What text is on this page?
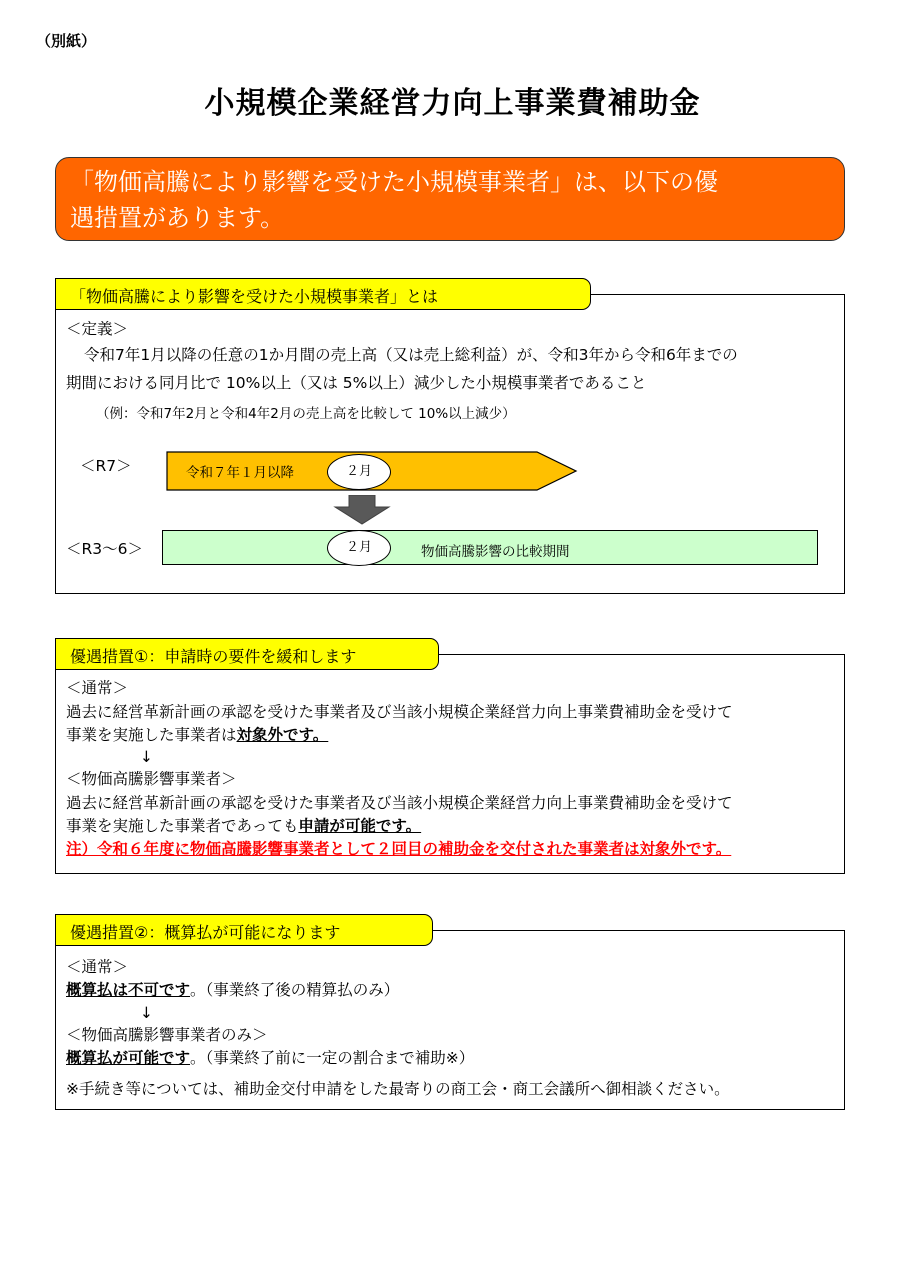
（別紙）
小規模企業経営力向上事業費補助金
「物価高騰により影響を受けた小規模事業者」は、以下の優
遇措置があります。
「物価高騰により影響を受けた小規模事業者」とは
＜定義＞
令和7年1月以降の任意の1か月間の売上高（又は売上総利益）が、令和3年から令和6年までの
期間における同月比で 10%以上（又は 5%以上）減少した小規模事業者であること
（例：令和7年2月と令和4年2月の売上高を比較して 10%以上減少）
＜R7＞	令和７年１月以降	２月
＜R3～6＞	２月	物価高騰影響の比較期間
優遇措置①：申請時の要件を緩和します
＜通常＞
過去に経営革新計画の承認を受けた事業者及び当該小規模企業経営力向上事業費補助金を受けて
事業を実施した事業者は対象外です。
↓
＜物価高騰影響事業者＞
過去に経営革新計画の承認を受けた事業者及び当該小規模企業経営力向上事業費補助金を受けて
事業を実施した事業者であっても申請が可能です。
注）令和６年度に物価高騰影響事業者として２回目の補助金を交付された事業者は対象外です。
優遇措置②：概算払が可能になります
＜通常＞
概算払は不可です。（事業終了後の精算払のみ）
↓
＜物価高騰影響事業者のみ＞
概算払が可能です。（事業終了前に一定の割合まで補助※）
※手続き等については、補助金交付申請をした最寄りの商工会・商工会議所へ御相談ください。
